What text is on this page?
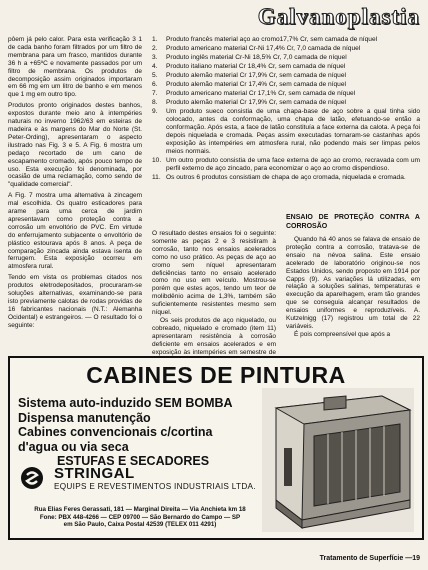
Galvanoplastia

pôem já pelo calor. Para esta verificação 3 1 de cada banho foram filtrados por um filtro de membrana para um frasco, mantidos durante 36 h a +65ºC e novamente passados por um filtro de membrana. Os produtos de decomposição assim originados importaram em 66 mg em um litro de banho e em menos que 1 mg em outro tipo.

Produtos pronto originados destes banhos, expostos durante meio ano à intempéries naturais no inverno 1962/63 em esteiras de madeira e às margens do Mar do Norte (St. Peter-Ording), apresentaram o aspecto ilustrado nas Fig. 3 e 5. A Fig. 6 mostra um pedaço recortado de um cano de escapamento cromado, após pouco tempo de uso. Esta execução foi denominada, por ocasião de uma reclamação, como sendo de "qualidade comercial".

A Fig. 7 mostra uma alternativa à zincagem mal escolhida. Os quatro esticadores para arame para uma cerca de jardim apresentavam como proteção contra a corrosão um envoltório de PVC. Em virtude do enferrujamento subjacente o envoltório de plástico estourava após 8 anos. A peça de comparação zincada ainda estava isenta de ferrugem. Esta exposição ocorreu em atmosfera rural.

Tendo em vista os problemas citados nos produtos eletrodepositados, procuraram-se soluções alternativas, examinando-se para isto previamente calotas de rodas providas de 16 fabricantes nacionais (N.T.: Alemanha Ocidental) e estrangeiros. — O resultado foi o seguinte:

1.	Produto francês material aço ao cromo17,7% Cr, sem camada de níquel
2.	Produto americano material Cr-Ni 17,4% Cr, 7,0 camada de níquel
3.	Produto inglês material Cr-Ni 18,5% Cr, 7,0 camada de níquel
4.	Produto italiano material Cr 18,4% Cr, sem camada de níquel
5.	Produto alemão material Cr 17,9% Cr, sem camada de níquel
6.	Produto alemão material Cr 17,4% Cr, sem camada de níquel
7.	Produto americano material Cr 17,1% Cr, sem camada de níquel
8.	Produto alemão material Cr 17,9% Cr, sem camada de níquel
9.	Um produto sueco consistia de uma chapa-base de aço sobre a qual tinha sido colocado, antes da conformação, uma chapa de latão, efetuando-se então a conformação. Após esta, a face de latão constituía a face externa da calota. A peça foi depois niquelada e cromada. Peças assim executadas tornaram-se castanhas após exposição às intempéries em atmosfera rural, não podendo mais ser limpas pelos meios normais.
10. Um outro produto consistia de uma face externa de aço ao cromo, recravada com um perfil externo de aço zincado, para economizar o aço ao cromo dispendioso.
11. Os outros 6 produtos consistiam de chapa de aço cromada, niquelada e cromada.

O resultado destes ensaios foi o seguinte: somente as peças 2 e 3 resistiram à corrosão, tanto nos ensaios acelerados como no uso prático. As peças de aço ao cromo sem níquel apresentaram deficiências tanto no ensaio acelerado como no uso em veículo. Mostrou-se porém que estes aços, tendo um teor de molibdênio acima de 1,3%, também são suficientemente resistentes mesmo sem níquel.

Os seis produtos de aço niquelado, ou cobreado, niquelado e cromado (item 11) apresentaram resistência à corrosão deficiente em ensaios acelerados e em exposição às intempéries em semestre de

ENSAIO DE PROTEÇÃO CONTRA A CORROSÃO

Quando há 40 anos se falava de ensaio de proteção contra a corrosão, tratava-se de ensaio na névoa salina. Este ensaio acelerado de laboratório originou-se nos Estados Unidos, sendo proposto em 1914 por Capps (9). As variações lá utilizadas, em relação a soluções salinas, temperaturas e execução da aparelhagem, eram tão grandes que se conseguia alcançar resultados de ensaios uniformes e reproduzíveis. A. Kutzelnigg (17) registrou um total de 22 variáveis.

É pois compreensível que após a

CABINES DE PINTURA
Sistema auto-induzido SEM BOMBA
Dispensa manutenção
Cabines convencionais c/cortina
d'agua ou via seca

ESTUFAS E SECADORES
STRINGAL
EQUIPS E REVESTIMENTOS INDUSTRIAIS LTDA.
Rua Elias Feres Gerassati, 181 — Marginal Direita — Via Anchieta km 18
Fone: PBX 448-4266 — CEP 09700 — São Bernardo do Campo — SP
em São Paulo, Caixa Postal 42539 (TELEX 011 4291)
Tratamento de Superfície —19
